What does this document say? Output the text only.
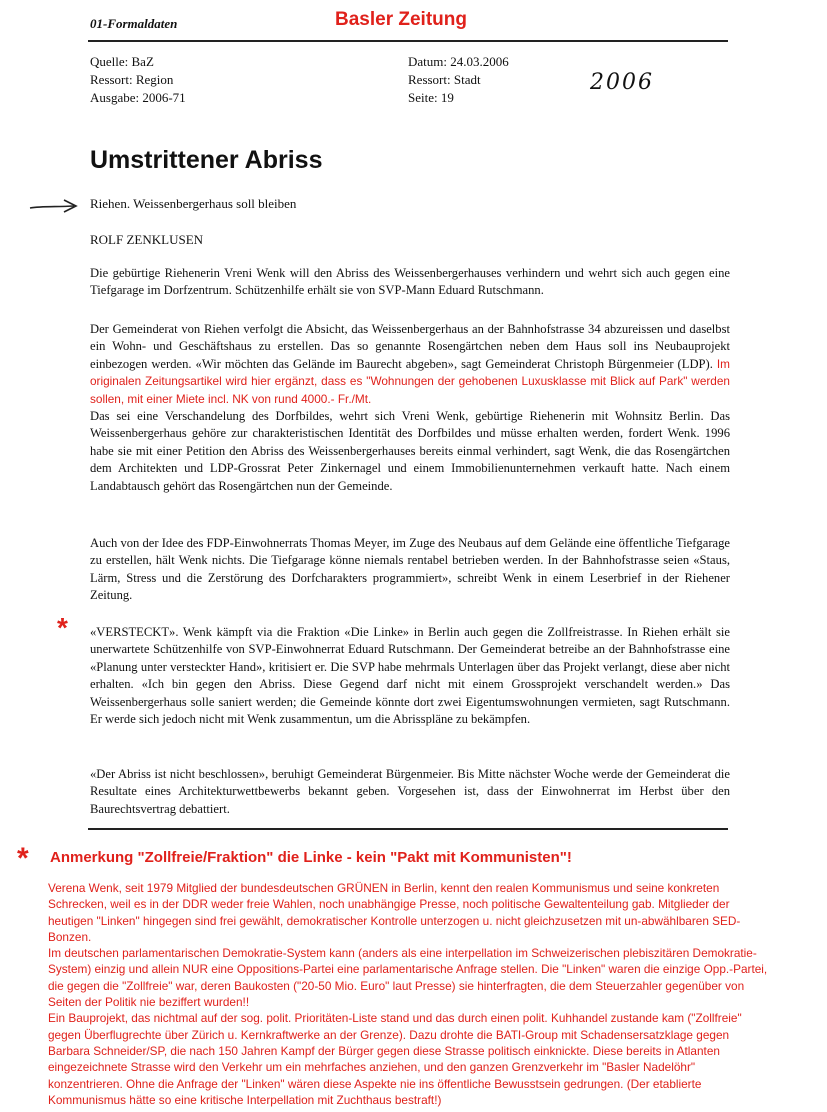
01-Formaldaten	Basler Zeitung
Quelle: BaZ
Ressort: Region
Ausgabe: 2006-71
Datum: 24.03.2006
Ressort: Stadt
Seite: 19
2006
Umstrittener Abriss
Riehen. Weissenbergerhaus soll bleiben
ROLF ZENKLUSEN
Die gebürtige Riehenerin Vreni Wenk will den Abriss des Weissenbergerhauses verhindern und wehrt sich auch gegen eine Tiefgarage im Dorfzentrum. Schützenhilfe erhält sie von SVP-Mann Eduard Rutschmann.
Der Gemeinderat von Riehen verfolgt die Absicht, das Weissenbergerhaus an der Bahnhofstrasse 34 abzureissen und daselbst ein Wohn- und Geschäftshaus zu erstellen. Das so genannte Rosengärtchen neben dem Haus soll ins Neubauprojekt einbezogen werden. «Wir möchten das Gelände im Baurecht abgeben», sagt Gemeinderat Christoph Bürgenmeier (LDP). Im originalen Zeitungsartikel wird hier ergänzt, dass es "Wohnungen der gehobenen Luxusklasse mit Blick auf Park" werden sollen, mit einer Miete incl. NK von rund 4000.- Fr./Mt.
Das sei eine Verschandelung des Dorfbildes, wehrt sich Vreni Wenk, gebürtige Riehenerin mit Wohnsitz Berlin. Das Weissenbergerhaus gehöre zur charakteristischen Identität des Dorfbildes und müsse erhalten werden, fordert Wenk. 1996 habe sie mit einer Petition den Abriss des Weissenbergerhauses bereits einmal verhindert, sagt Wenk, die das Rosengärtchen dem Architekten und LDP-Grossrat Peter Zinkernagel und einem Immobilienunternehmen verkauft hatte. Nach einem Landabtausch gehört das Rosengärtchen nun der Gemeinde.
Auch von der Idee des FDP-Einwohnerrats Thomas Meyer, im Zuge des Neubaus auf dem Gelände eine öffentliche Tiefgarage zu erstellen, hält Wenk nichts. Die Tiefgarage könne niemals rentabel betrieben werden. In der Bahnhofstrasse seien «Staus, Lärm, Stress und die Zerstörung des Dorfcharakters programmiert», schreibt Wenk in einem Leserbrief in der Riehener Zeitung.
* «VERSTECKT». Wenk kämpft via die Fraktion «Die Linke» in Berlin auch gegen die Zollfreistrasse. In Riehen erhält sie unerwartete Schützenhilfe von SVP-Einwohnerrat Eduard Rutschmann. Der Gemeinderat betreibe an der Bahnhofstrasse eine «Planung unter versteckter Hand», kritisiert er. Die SVP habe mehrmals Unterlagen über das Projekt verlangt, diese aber nicht erhalten. «Ich bin gegen den Abriss. Diese Gegend darf nicht mit einem Grossprojekt verschandelt werden.» Das Weissenbergerhaus solle saniert werden; die Gemeinde könnte dort zwei Eigentumswohnungen vermieten, sagt Rutschmann. Er werde sich jedoch nicht mit Wenk zusammentun, um die Abrisspläne zu bekämpfen.
«Der Abriss ist nicht beschlossen», beruhigt Gemeinderat Bürgenmeier. Bis Mitte nächster Woche werde der Gemeinderat die Resultate eines Architekturwettbewerbs bekannt geben. Vorgesehen ist, dass der Einwohnerrat im Herbst über den Baurechtsvertrag debattiert.
* Anmerkung "Zollfreie/Fraktion" die Linke - kein "Pakt mit Kommunisten"!
Verena Wenk, seit 1979 Mitglied der bundesdeutschen GRÜNEN in Berlin, kennt den realen Kommunismus und seine konkreten Schrecken, weil es in der DDR weder freie Wahlen, noch unabhängige Presse, noch politische Gewaltenteilung gab. Mitglieder der heutigen "Linken" hingegen sind frei gewählt, demokratischer Kontrolle unterzogen u. nicht gleichzusetzen mit un-abwählbaren SED-Bonzen.
Im deutschen parlamentarischen Demokratie-System kann (anders als eine interpellation im Schweizerischen plebiszitären Demokratie-System) einzig und allein NUR eine Oppositions-Partei eine parlamentarische Anfrage stellen. Die "Linken" waren die einzige Opp.-Partei, die gegen die "Zollfreie" war, deren Baukosten ("20-50 Mio. Euro" laut Presse) sie hinterfragten, die dem Steuerzahler gegenüber von Seiten der Politik nie beziffert wurden!!
Ein Bauprojekt, das nichtmal auf der sog. polit. Prioritäten-Liste stand und das durch einen polit. Kuhhandel zustande kam ("Zollfreie" gegen Überflugrechte über Zürich u. Kernkraftwerke an der Grenze). Dazu drohte die BATI-Group mit Schadensersatzklage gegen Barbara Schneider/SP, die nach 150 Jahren Kampf der Bürger gegen diese Strasse politisch einknickte. Diese bereits in Atlanten eingezeichnete Strasse wird den Verkehr um ein mehrfaches anziehen, und den ganzen Grenzverkehr im "Basler Nadelöhr" konzentrieren. Ohne die Anfrage der "Linken" wären diese Aspekte nie ins öffentliche Bewusstsein gedrungen. (Der etablierte Kommunismus hätte so eine kritische Interpellation mit Zuchthaus bestraft!)
